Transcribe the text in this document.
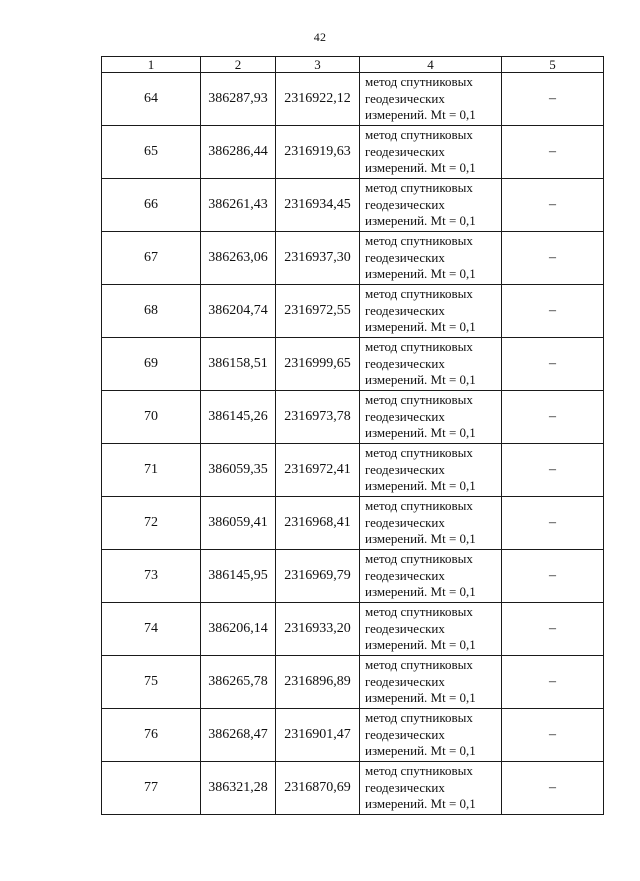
42
1	2	3	4	5
64	386287,93	2316922,12	метод спутниковых
геодезических
измерений. Mt = 0,1	–
65	386286,44	2316919,63	метод спутниковых
геодезических
измерений. Mt = 0,1	–
66	386261,43	2316934,45	метод спутниковых
геодезических
измерений. Mt = 0,1	–
67	386263,06	2316937,30	метод спутниковых
геодезических
измерений. Mt = 0,1	–
68	386204,74	2316972,55	метод спутниковых
геодезических
измерений. Mt = 0,1	–
69	386158,51	2316999,65	метод спутниковых
геодезических
измерений. Mt = 0,1	–
70	386145,26	2316973,78	метод спутниковых
геодезических
измерений. Mt = 0,1	–
71	386059,35	2316972,41	метод спутниковых
геодезических
измерений. Mt = 0,1	–
72	386059,41	2316968,41	метод спутниковых
геодезических
измерений. Mt = 0,1	–
73	386145,95	2316969,79	метод спутниковых
геодезических
измерений. Mt = 0,1	–
74	386206,14	2316933,20	метод спутниковых
геодезических
измерений. Mt = 0,1	–
75	386265,78	2316896,89	метод спутниковых
геодезических
измерений. Mt = 0,1	–
76	386268,47	2316901,47	метод спутниковых
геодезических
измерений. Mt = 0,1	–
77	386321,28	2316870,69	метод спутниковых
геодезических
измерений. Mt = 0,1	–
